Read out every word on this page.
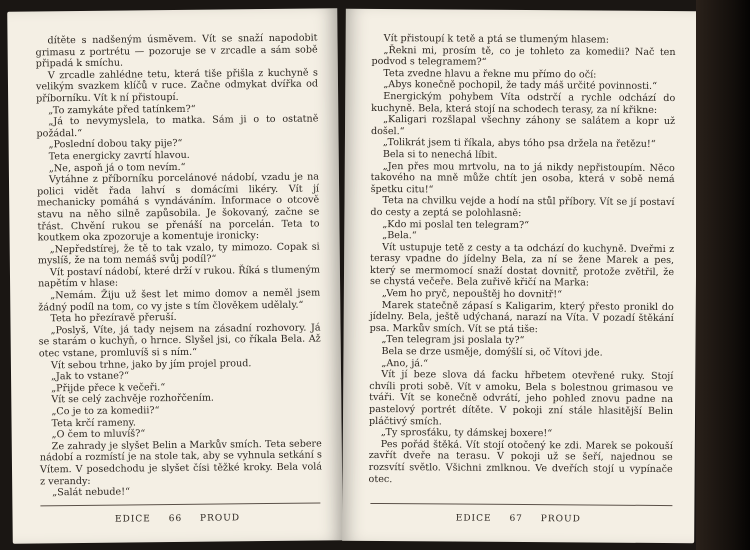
dítěte s nadšeným úsměvem. Vít se snaží napodobit grimasu z portrétu — pozoruje se v zrcadle a sám sobě připadá k smíchu.

V zrcadle zahlédne tetu, která tiše přišla z kuchyně s velikým svazkem klíčů v ruce. Začne odmykat dvířka od příborníku. Vít k ní přistoupí.

„To zamykáte před tatínkem?“

„Já to nevymyslela, to matka. Sám ji o to ostatně požádal.“

„Poslední dobou taky pije?“

Teta energicky zavrtí hlavou.

„Ne, aspoň já o tom nevím.“

Vytáhne z příborníku porcelánové nádobí, vzadu je na polici vidět řada lahví s domácími likéry. Vít jí mechanicky pomáhá s vyndáváním. Informace o otcově stavu na něho silně zapůsobila. Je šokovaný, začne se třást. Chvění rukou se přenáší na porcelán. Teta to koutkem oka zpozoruje a komentuje ironicky:

„Nepředstírej, že tě to tak vzalo, ty mimozo. Copak si myslíš, že na tom nemáš svůj podíl?“

Vít postaví nádobí, které drží v rukou. Říká s tlumeným napětím v hlase:

„Nemám. Žiju už šest let mimo domov a neměl jsem žádný podíl na tom, co vy jste s tím člověkem udělaly.“

Teta ho přezíravě přeruší.

„Poslyš, Víte, já tady nejsem na zásadní rozhovory. Já se starám o kuchyň, o hrnce. Slyšel jsi, co říkala Bela. Až otec vstane, promluvíš si s ním.“

Vít sebou trhne, jako by jím projel proud.

„Jak to vstane?“

„Přijde přece k večeři.“

Vít se celý zachvěje rozhořčením.

„Co je to za komedii?“

Teta krčí rameny.

„O čem to mluvíš?“

Ze zahrady je slyšet Belin a Markův smích. Teta sebere nádobí a rozmístí je na stole tak, aby se vyhnula setkání s Vítem. V posedchodu je slyšet čísi těžké kroky. Bela volá z verandy:

„Salát nebude!“

EDICE 66 PROUD

Vít přistoupí k tetě a ptá se tlumeným hlasem:

„Řekni mi, prosím tě, co je tohleto za komedii? Nač ten podvod s telegramem?“

Teta zvedne hlavu a řekne mu přímo do očí:

„Abys konečně pochopil, že tady máš určité povinnosti.“

Energickým pohybem Vítа odstrčí a rychle odchází do kuchyně. Bela, která stojí na schodech terasy, za ní křikne:

„Kaligari rozšlapal všechny záhony se salátem a kopr už došel.“

„Tolikrát jsem ti říkala, abys tóho psa držela na řetězu!“

Bela si to nenechá líbit.

„Jen přes mou mrtvolu, na to já nikdy nepřistoupím. Něco takového na mně může chtít jen osoba, která v sobě nemá špetku citu!“

Teta na chvilku vejde a hodí na stůl příbory. Vít se jí postaví do cesty a zeptá se polohlasně:

„Kdo mi poslal ten telegram?“

„Bela.“

Vít ustupuje tetě z cesty a ta odchází do kuchyně. Dveřmi z terasy vpadne do jídelny Bela, za ní se žene Marek a pes, který se mermomocí snaží dostat dovnitř, protože zvětřil, že se chystá večeře. Bela zuřivě křičí na Marka:

„Vem ho pryč, nepouštěj ho dovnitř!“

Marek statečně zápasí s Kaligarim, který přesto pronikl do jídelny. Bela, ještě udýchaná, narazí na Víta. V pozadí štěkání psa. Markův smích. Vít se ptá tiše:

„Ten telegram jsi poslala ty?“

Bela se drze usměje, domýšlí si, oč Vítovi jde.

„Ano, já.“

Vít jí beze slova dá facku hřbetem otevřené ruky. Stojí chvíli proti sobě. Vít v amoku, Bela s bolestnou grimasou ve tváři. Vít se konečně odvrátí, jeho pohled znovu padne na pastelový portrét dítěte. V pokoji zní stále hlasitější Belin pláčtivý smích.

„Ty sprosťáku, ty dámskej boxere!“

Pes pořád štěká. Vít stojí otočený ke zdi. Marek se pokouší zavřít dveře na terasu. V pokoji už se šeří, najednou se rozsvítí světlo. Všichni zmlknou. Ve dveřích stojí u vypínače otec.

EDICE 67 PROUD
